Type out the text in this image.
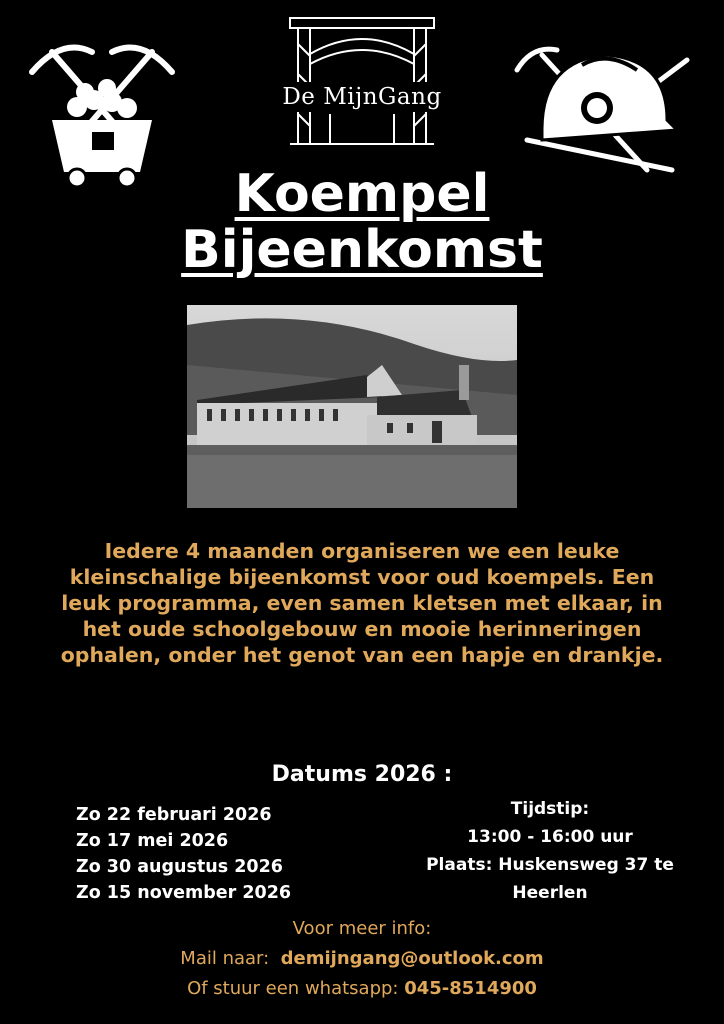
De MijnGang
Koempel
Bijeenkomst
Iedere 4 maanden organiseren we een leuke kleinschalige bijeenkomst voor oud koempels. Een leuk programma, even samen kletsen met elkaar, in het oude schoolgebouw en mooie herinneringen ophalen, onder het genot van een hapje en drankje.
Datums 2026 :
Zo 22 februari 2026
Zo 17 mei 2026
Zo 30 augustus 2026
Zo 15 november 2026
Tijdstip:
13:00 - 16:00 uur
Plaats: Huskensweg 37 te
Heerlen
Voor meer info:
Mail naar: demijngang@outlook.com
Of stuur een whatsapp: 045-8514900
